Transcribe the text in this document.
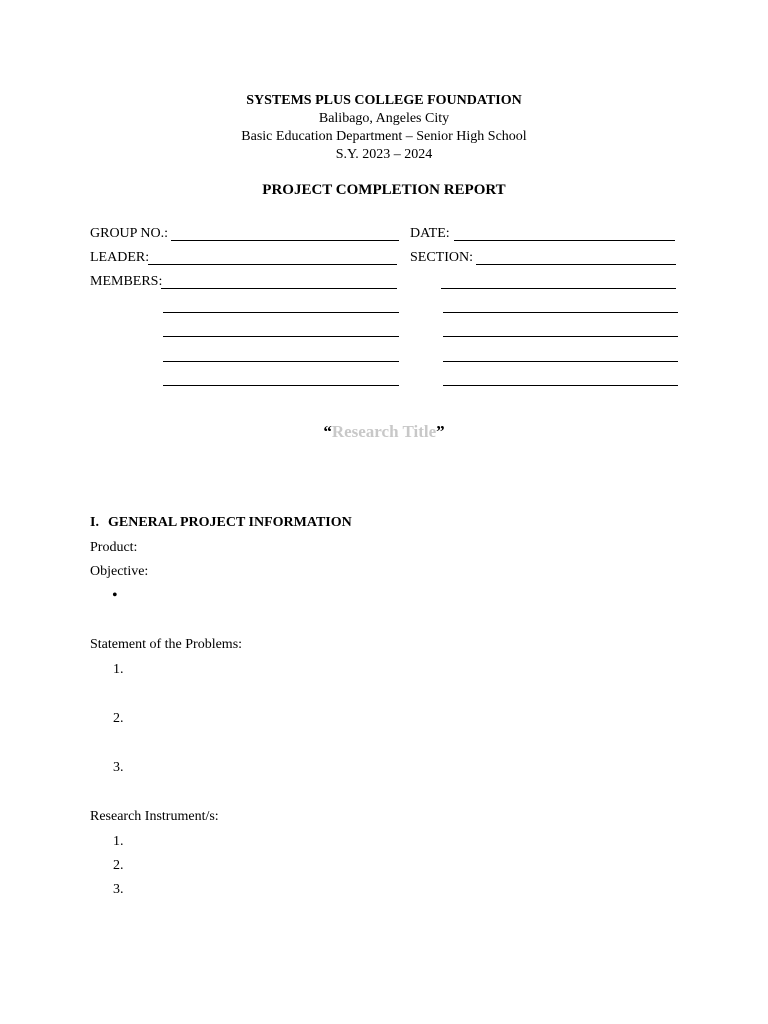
SYSTEMS PLUS COLLEGE FOUNDATION
Balibago, Angeles City
Basic Education Department – Senior High School
S.Y. 2023 – 2024
PROJECT COMPLETION REPORT
GROUP NO.:	DATE:
LEADER:	SECTION:
MEMBERS:
“Research Title”
I. GENERAL PROJECT INFORMATION
Product:
Objective:
•
Statement of the Problems:
1.
2.
3.
Research Instrument/s:
1.
2.
3.
